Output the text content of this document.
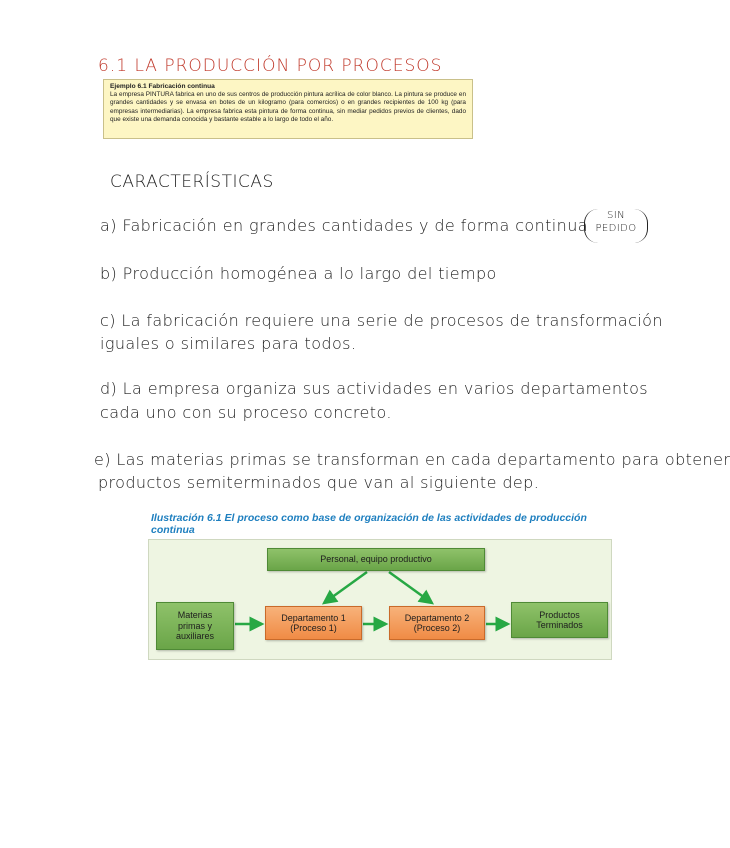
6.1 LA PRODUCCIÓN POR PROCESOS
Ejemplo 6.1 Fabricación continua
La empresa PINTURA fabrica en uno de sus centros de producción pintura acrílica de color blanco. La pintura se produce en grandes cantidades y se envasa en botes de un kilogramo (para comercios) o en grandes recipientes de 100 kg (para empresas intermediarias). La empresa fabrica esta pintura de forma continua, sin mediar pedidos previos de clientes, dado que existe una demanda conocida y bastante estable a lo largo de todo el año.
CARACTERÍSTICAS
a) Fabricación en grandes cantidades y de forma continua
SIN
PEDIDO
b) Producción homogénea a lo largo del tiempo
c) La fabricación requiere una serie de procesos de transformación
iguales o similares para todos.
d) La empresa organiza sus actividades en varios departamentos
cada uno con su proceso concreto.
e) Las materias primas se transforman en cada departamento para obtener
productos semiterminados que van al siguiente dep.
Ilustración 6.1 El proceso como base de organización de las actividades de producción continua
Personal, equipo productivo
Materias
primas y
auxiliares
Departamento 1
(Proceso 1)
Departamento 2
(Proceso 2)
Productos
Terminados
